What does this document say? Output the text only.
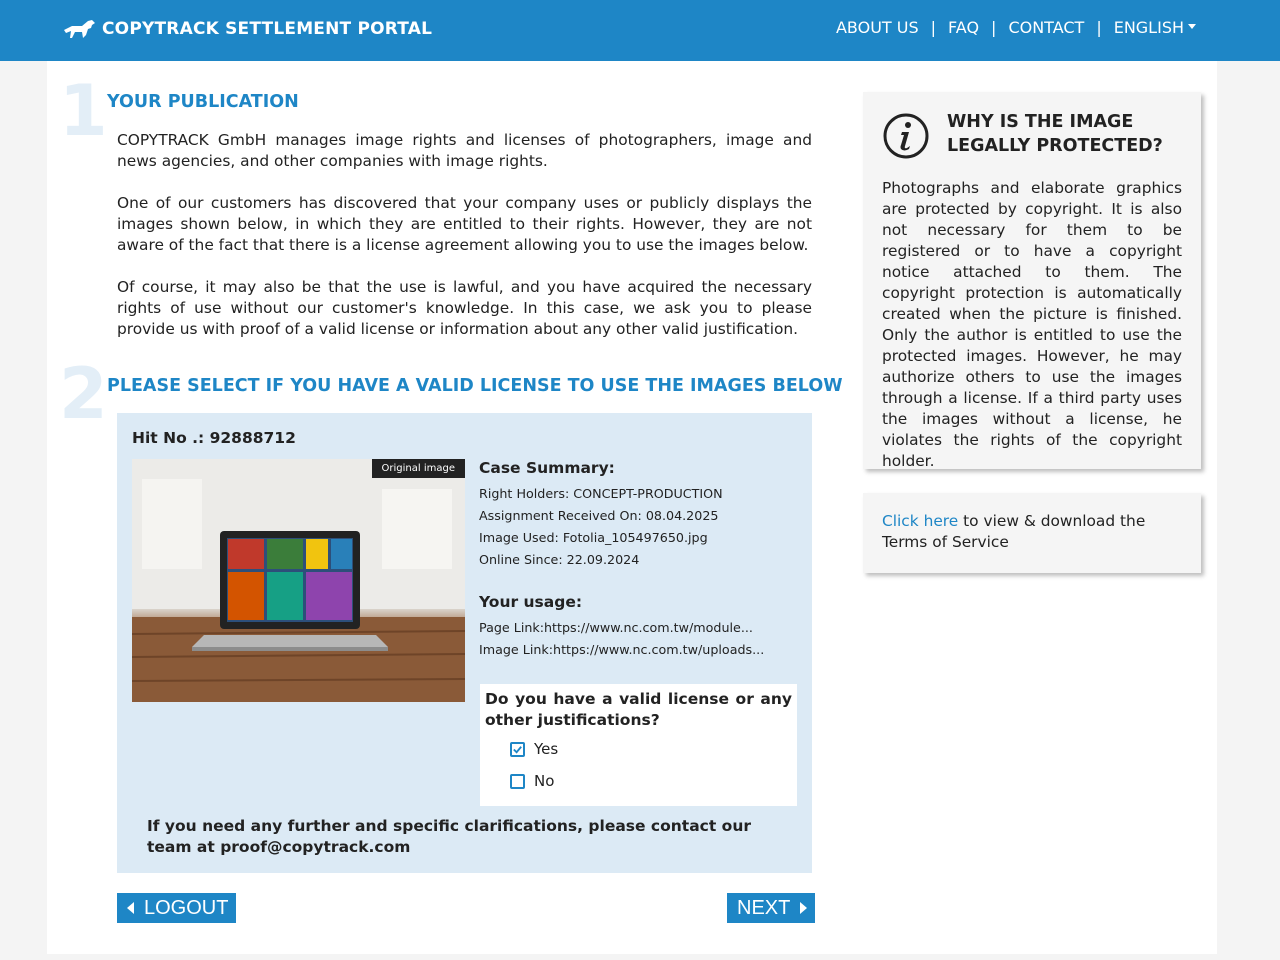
COPYTRACK SETTLEMENT PORTAL	ABOUT US | FAQ | CONTACT | ENGLISH
1 YOUR PUBLICATION

COPYTRACK GmbH manages image rights and licenses of photographers, image and news agencies, and other companies with image rights.

One of our customers has discovered that your company uses or publicly displays the images shown below, in which they are entitled to their rights. However, they are not aware of the fact that there is a license agreement allowing you to use the images below.

Of course, it may also be that the use is lawful, and you have acquired the necessary rights of use without our customer's knowledge. In this case, we ask you to please provide us with proof of a valid license or information about any other valid justification.

2 PLEASE SELECT IF YOU HAVE A VALID LICENSE TO USE THE IMAGES BELOW
Hit No .: 92888712
Original image	Case Summary:
Right Holders: CONCEPT-PRODUCTION
Assignment Received On: 08.04.2025
Image Used: Fotolia_105497650.jpg
Online Since: 22.09.2024
Your usage:
Page Link:https://www.nc.com.tw/module...
Image Link:https://www.nc.com.tw/uploads...
Do you have a valid license or any other justifications?
Yes
No
If you need any further and specific clarifications, please contact our team at proof@copytrack.com
LOGOUT	NEXT
WHY IS THE IMAGE
LEGALLY PROTECTED?

Photographs and elaborate graphics are protected by copyright. It is also not necessary for them to be registered or to have a copyright notice attached to them. The copyright protection is automatically created when the picture is finished. Only the author is entitled to use the protected images. However, he may authorize others to use the images through a license. If a third party uses the images without a license, he violates the rights of the copyright holder.

Click here to view & download the Terms of Service
